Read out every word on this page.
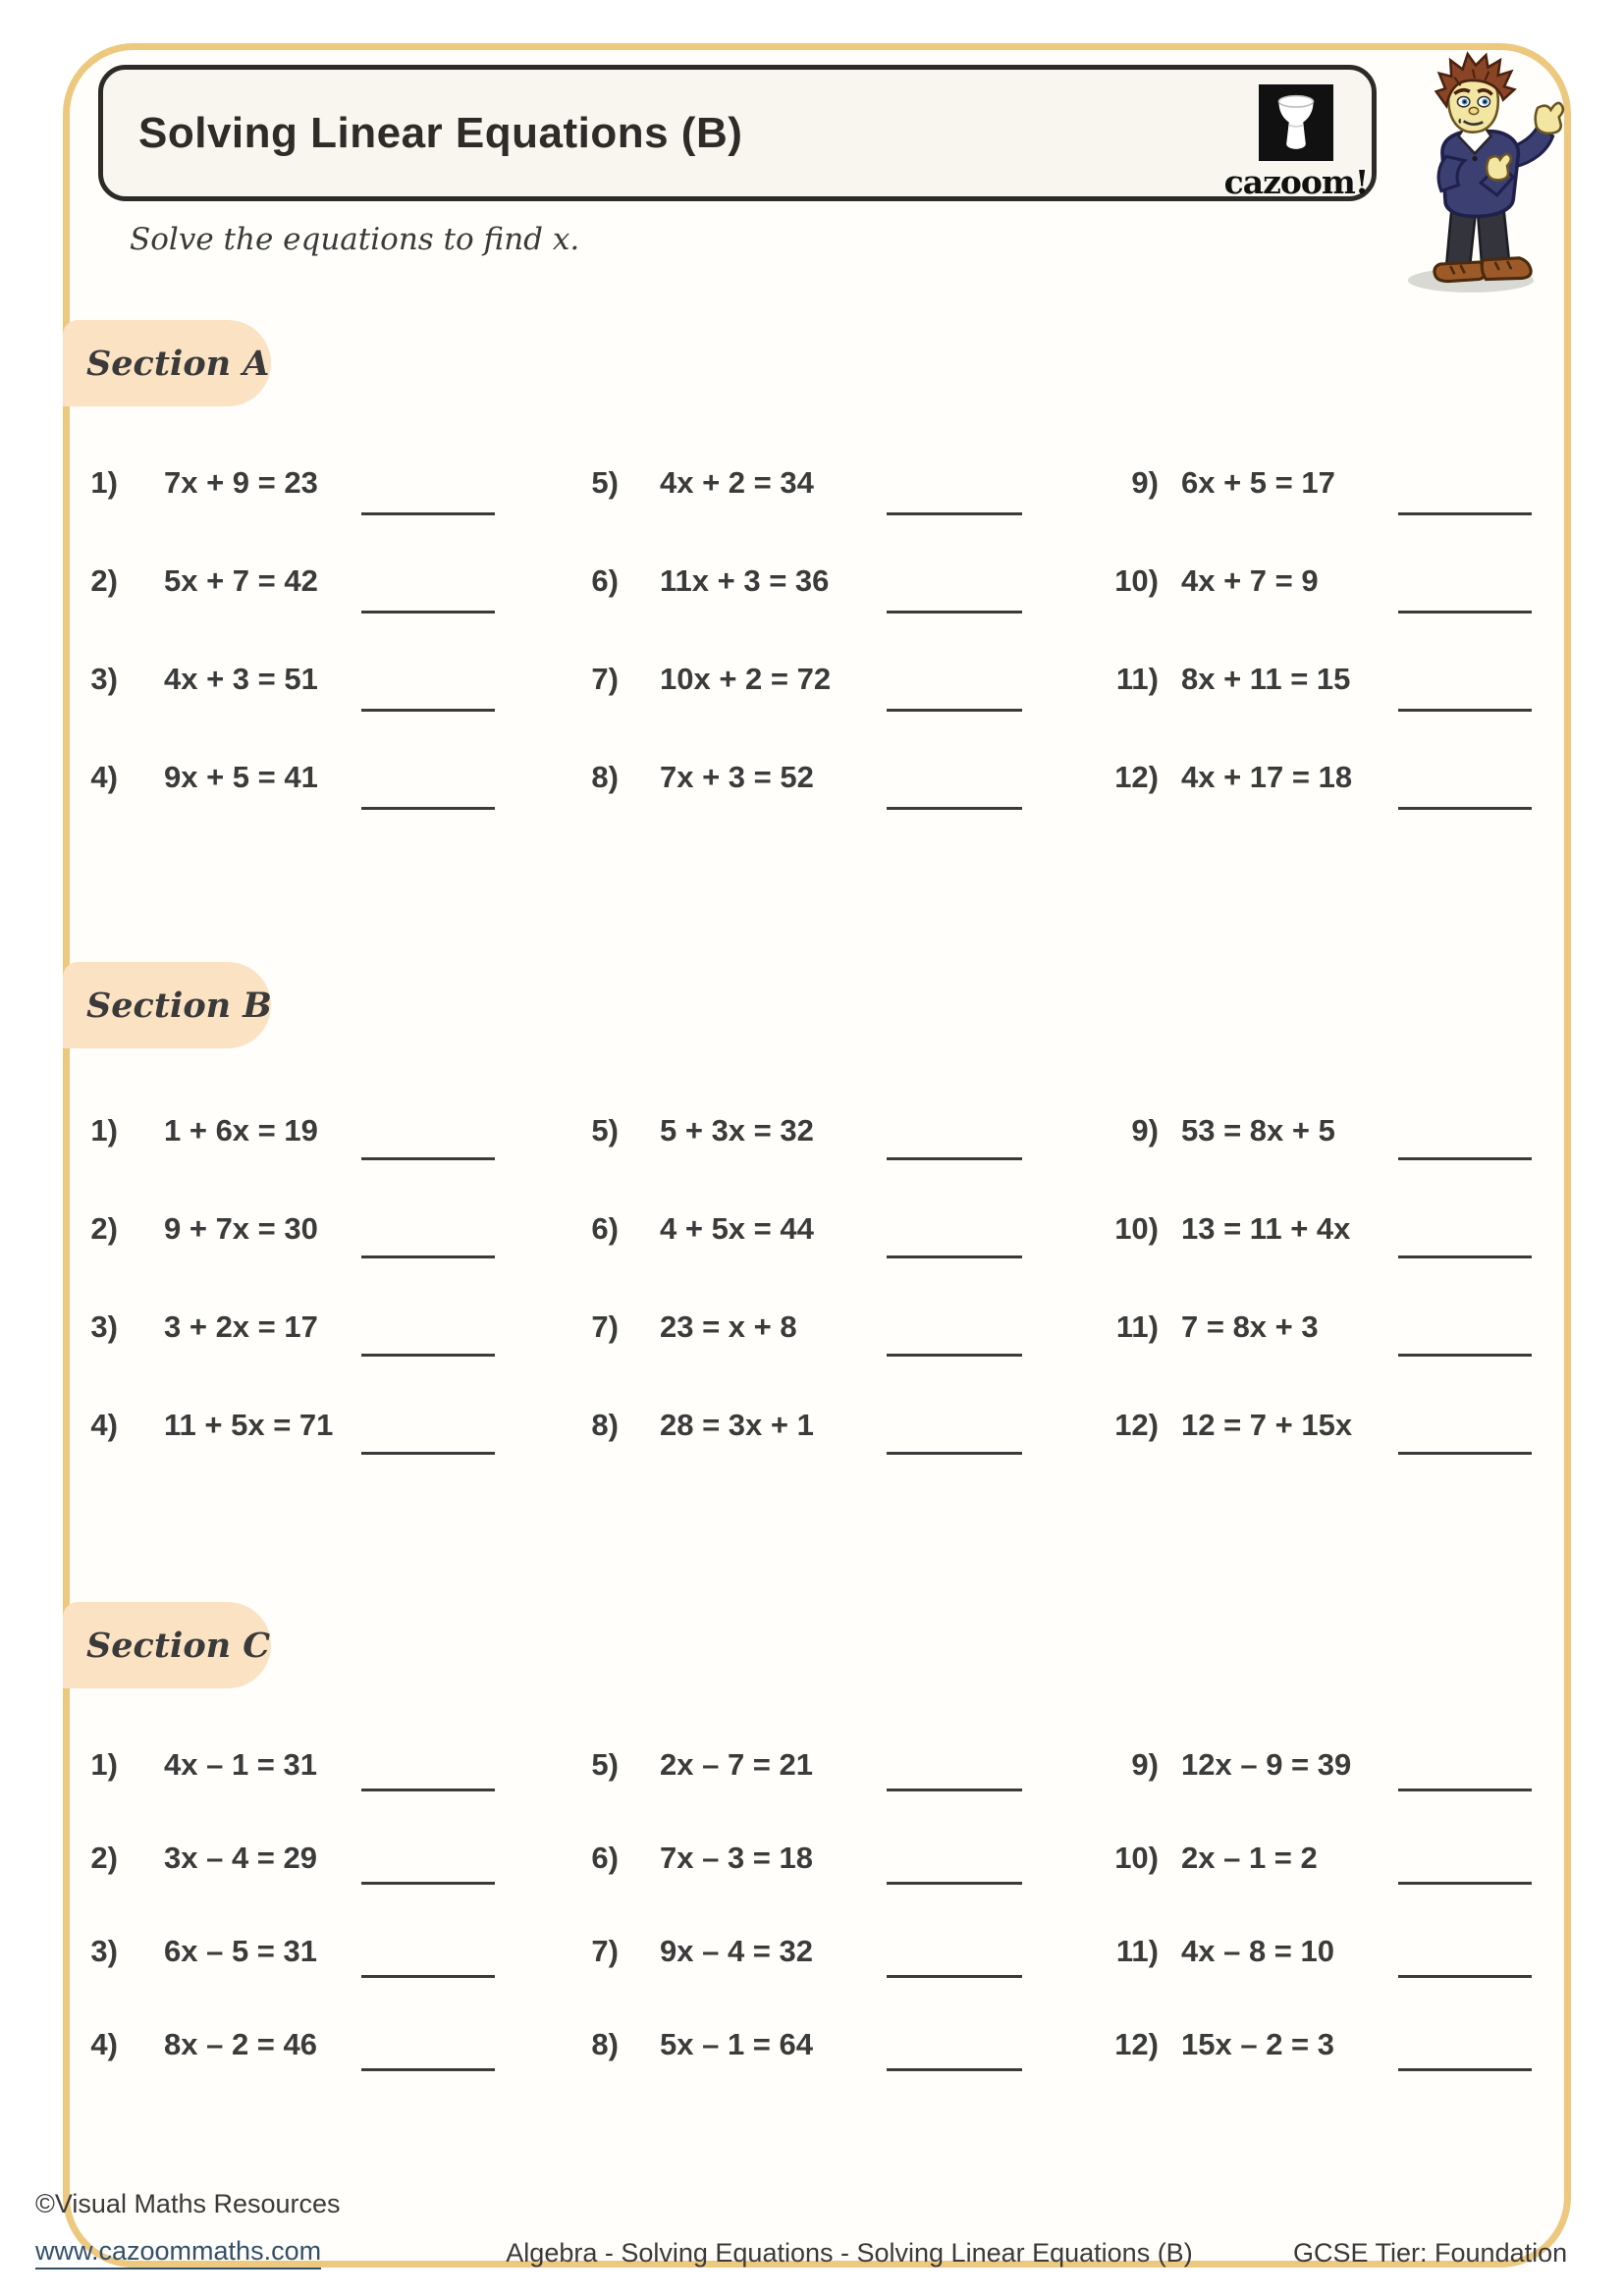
Solving Linear Equations (B)
cazoom!
Solve the equations to find x.
Section A
1) 7x + 9 = 23
2) 5x + 7 = 42
3) 4x + 3 = 51
4) 9x + 5 = 41
5) 4x + 2 = 34
6) 11x + 3 = 36
7) 10x + 2 = 72
8) 7x + 3 = 52
9) 6x + 5 = 17
10) 4x + 7 = 9
11) 8x + 11 = 15
12) 4x + 17 = 18
Section B
1) 1 + 6x = 19
2) 9 + 7x = 30
3) 3 + 2x = 17
4) 11 + 5x = 71
5) 5 + 3x = 32
6) 4 + 5x = 44
7) 23 = x + 8
8) 28 = 3x + 1
9) 53 = 8x + 5
10) 13 = 11 + 4x
11) 7 = 8x + 3
12) 12 = 7 + 15x
Section C
1) 4x – 1 = 31
2) 3x – 4 = 29
3) 6x – 5 = 31
4) 8x – 2 = 46
5) 2x – 7 = 21
6) 7x – 3 = 18
7) 9x – 4 = 32
8) 5x – 1 = 64
9) 12x – 9 = 39
10) 2x – 1 = 2
11) 4x – 8 = 10
12) 15x – 2 = 3
©Visual Maths Resources
www.cazoommaths.com	Algebra - Solving Equations - Solving Linear Equations (B)	GCSE Tier: Foundation
